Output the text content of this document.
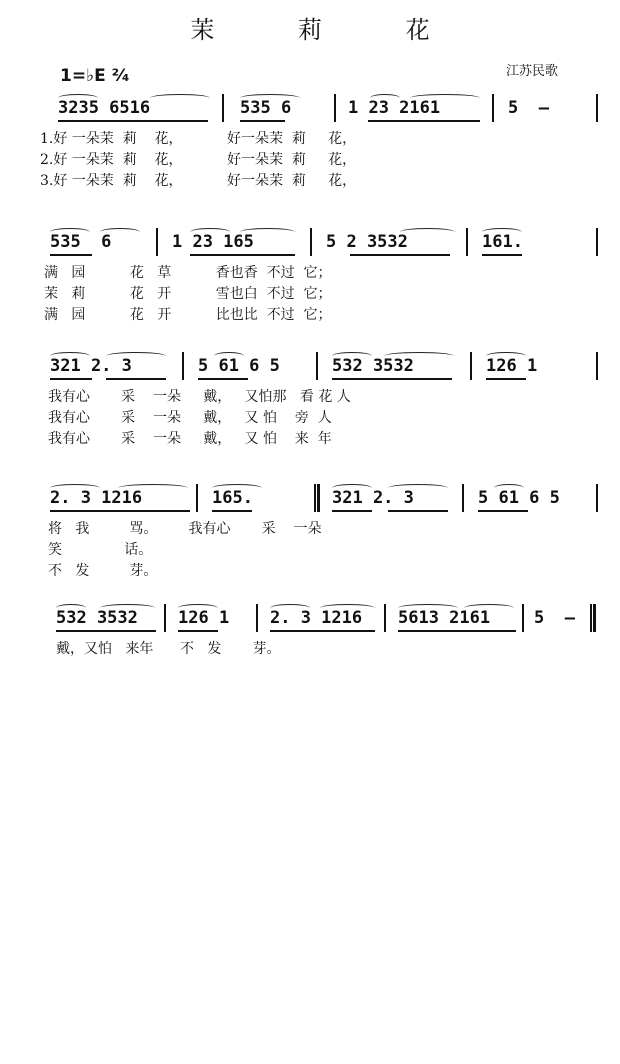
茉 莉 花
1=♭E ²⁄₄	江苏民歌

3235 6516

	535 6

	1 23 2161

	5  –

1.好 一朵茉  莉    花，          好一朵茉  莉     花，
2.好 一朵茉  莉    花，          好一朵茉  莉     花，
3.好 一朵茉  莉    花，          好一朵茉  莉     花，

535  6

	1 23 165

	5 2 3532

	161.

满   园          花   草          香也香  不过  它；
茉   莉          花   开          雪也白  不过  它；
满   园          花   开          比也比  不过  它；

321 2. 3

	5 61 6 5

	532 3532

	126 1

我有心       采    一朵     戴，   又怕那   看 花 人
我有心       采    一朵     戴，   又 怕    旁  人
我有心       采    一朵     戴，   又 怕    来  年

2. 3 1216

	165.

	321 2. 3

	5 61 6 5

将   我         骂。       我有心       采    一朵
笑              话。
不   发         芽。

532 3532

126 1

2. 3 1216

5613 2161

	5  –

戴，又怕   来年      不   发       芽。
